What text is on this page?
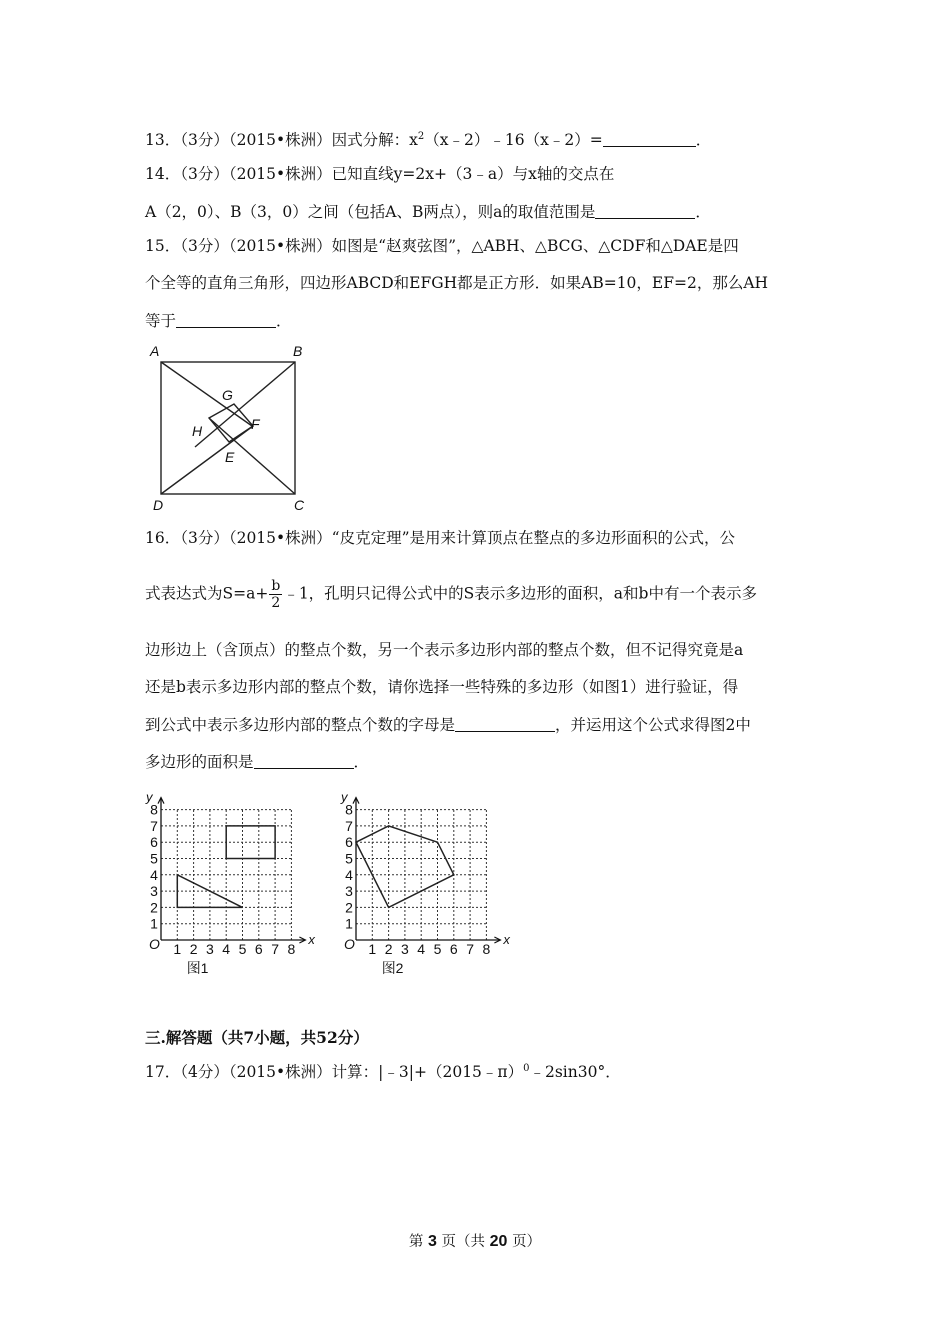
13．（3分）（2015•株洲）因式分解：$x^2(x﹣2)﹣16(x﹣2)=$	．
14．（3分）（2015•株洲）已知直线y=2x+（3﹣a）与x轴的交点在
A（2，0）、B（3，0）之间（包括A、B两点），则a的取值范围是	．
15．（3分）（2015•株洲）如图是“赵爽弦图”，△ABH、△BCG、△CDF和△DAE是四
个全等的直角三角形，四边形ABCD和EFGH都是正方形．如果AB=10，EF=2，那么AH
等于	．
A	B
C
D
E
F
G
H
16．（3分）（2015•株洲）“皮克定理”是用来计算顶点在整点的多边形面积的公式，公
式表达式为$S=a+ \frac{b}{2}$ ﹣1，孔明只记得公式中的S表示多边形的面积，a和b中有一个表示多
边形边上（含顶点）的整点个数，另一个表示多边形内部的整点个数，但不记得究竟是a
还是b表示多边形内部的整点个数，请你选择一些特殊的多边形（如图1）进行验证，得
到公式中表示多边形内部的整点个数的字母是	，并运用这个公式求得图2中
多边形的面积是	．
1
1
2
2
3
3
4
4
5
5
6
6
7
7
8
8
O	x
y
图1
1
1
2
2
3
3
4
4
5
5
6
6
7
7
8
8
O	x
y
图2
三.解答题（共7小题，共52分）
17．（4分）（2015•株洲）计算：|﹣3|+（2015﹣π）$^0$﹣2sin30°．
第 3 页（共 20 页）
